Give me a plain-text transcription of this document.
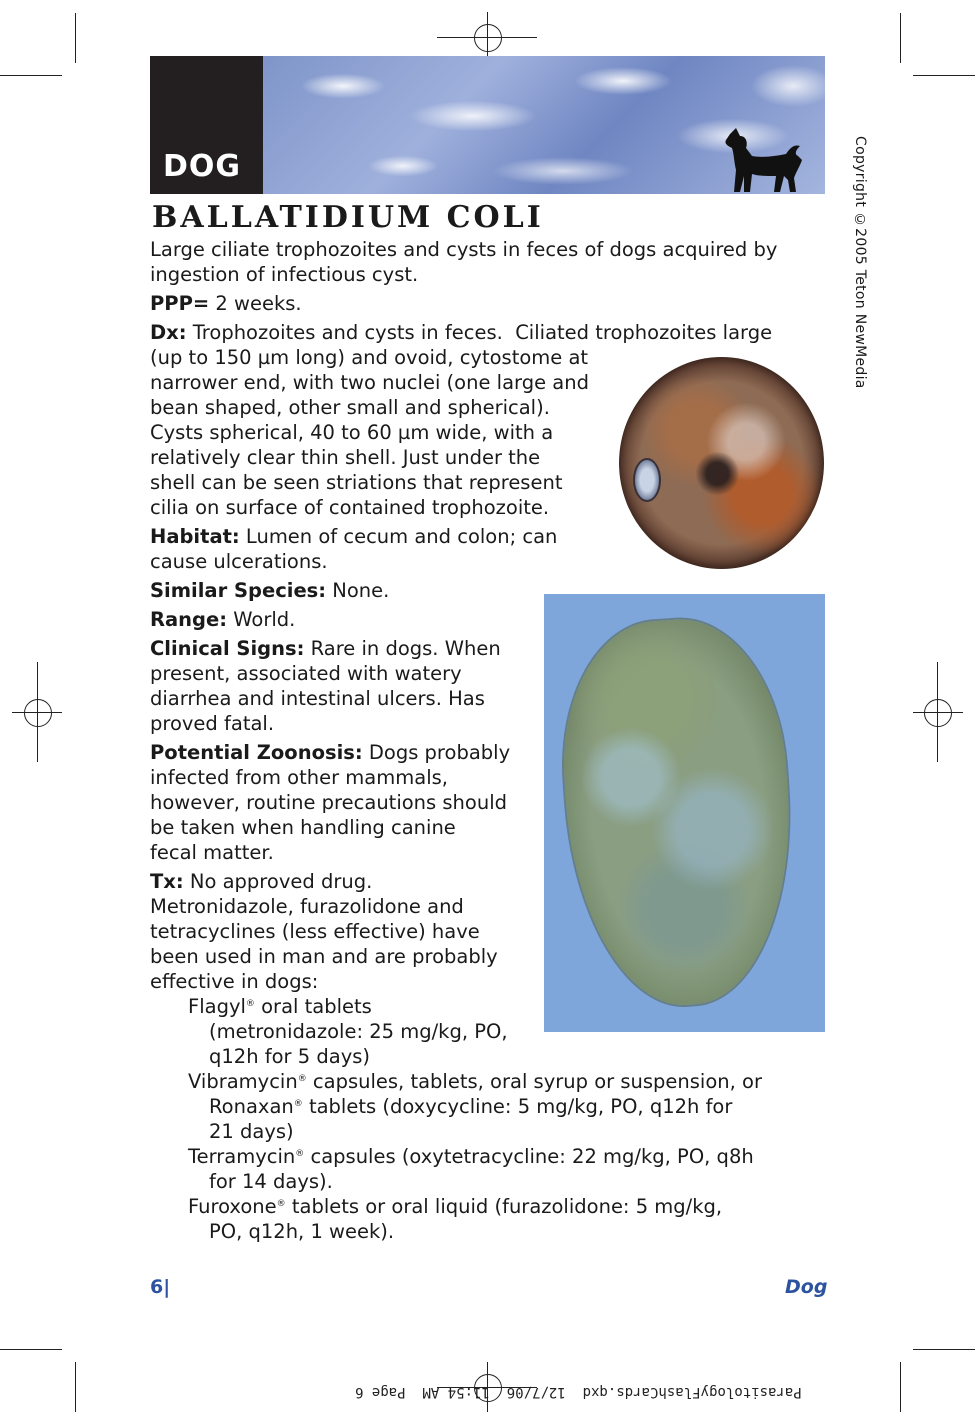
DOG
BALLATIDIUM COLI	Copyright ©2005 Teton NewMedia
Large ciliate trophozoites and cysts in feces of dogs acquired by
ingestion of infectious cyst.
PPP= 2 weeks.
Dx: Trophozoites and cysts in feces.  Ciliated trophozoites large
(up to 150 µm long) and ovoid, cytostome at
narrower end, with two nuclei (one large and
bean shaped, other small and spherical).
Cysts spherical, 40 to 60 µm wide, with a
relatively clear thin shell. Just under the
shell can be seen striations that represent
cilia on surface of contained trophozoite.
Habitat: Lumen of cecum and colon; can
cause ulcerations.
Similar Species: None.
Range: World.
Clinical Signs: Rare in dogs. When
present, associated with watery
diarrhea and intestinal ulcers. Has
proved fatal.
Potential Zoonosis: Dogs probably
infected from other mammals,
however, routine precautions should
be taken when handling canine
fecal matter.
Tx: No approved drug.
Metronidazole, furazolidone and
tetracyclines (less effective) have
been used in man and are probably
effective in dogs:
Flagyl® oral tablets
(metronidazole: 25 mg/kg, PO,
q12h for 5 days)
Vibramycin® capsules, tablets, oral syrup or suspension, or
Ronaxan® tablets (doxycycline: 5 mg/kg, PO, q12h for
21 days)
Terramycin® capsules (oxytetracycline: 22 mg/kg, PO, q8h
for 14 days).
Furoxone® tablets or oral liquid (furazolidone: 5 mg/kg,
PO, q12h, 1 week).
6|	Dog
ParasitologyFlashCards.qxd  12/7/06  11:54 AM  Page 6
